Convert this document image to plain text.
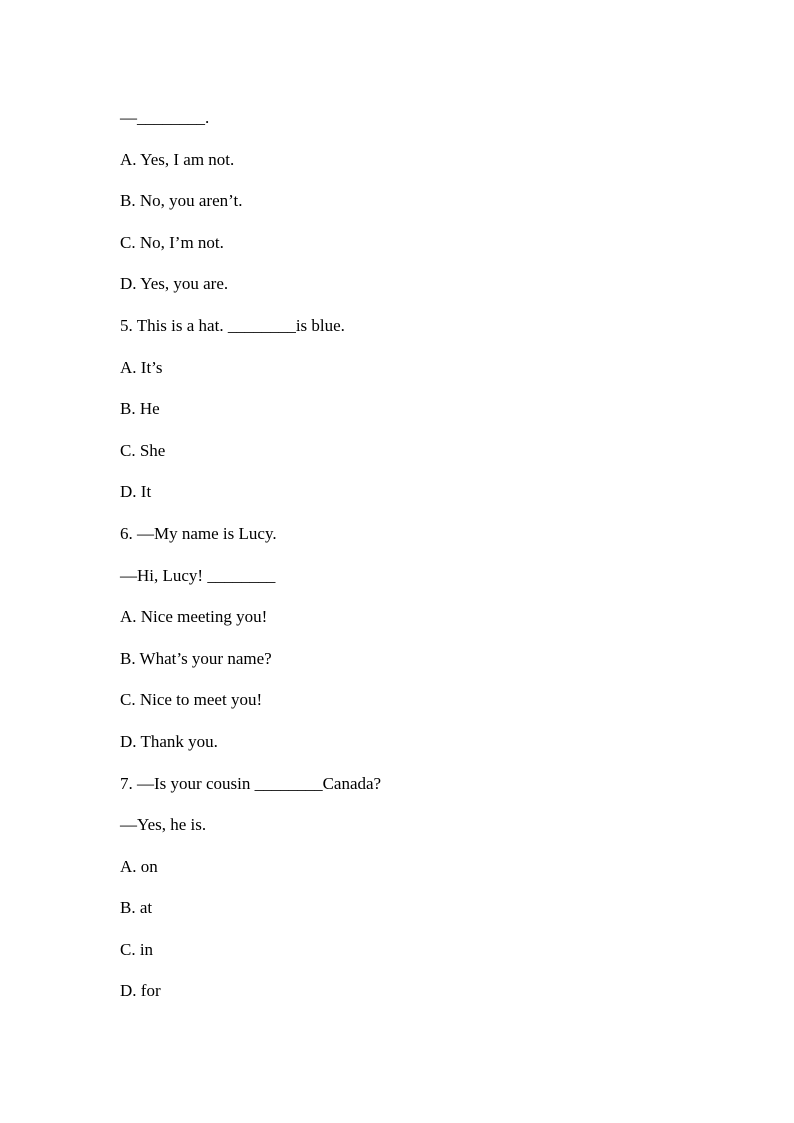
—________.
A. Yes, I am not.
B. No, you aren’t.
C. No, I’m not.
D. Yes, you are.
5. This is a hat. ________is blue.
A. It’s
B. He
C. She
D. It
6. —My name is Lucy.
—Hi, Lucy! ________
A. Nice meeting you!
B. What’s your name?
C. Nice to meet you!
D. Thank you.
7. —Is your cousin ________Canada?
—Yes, he is.
A. on
B. at
C. in
D. for
